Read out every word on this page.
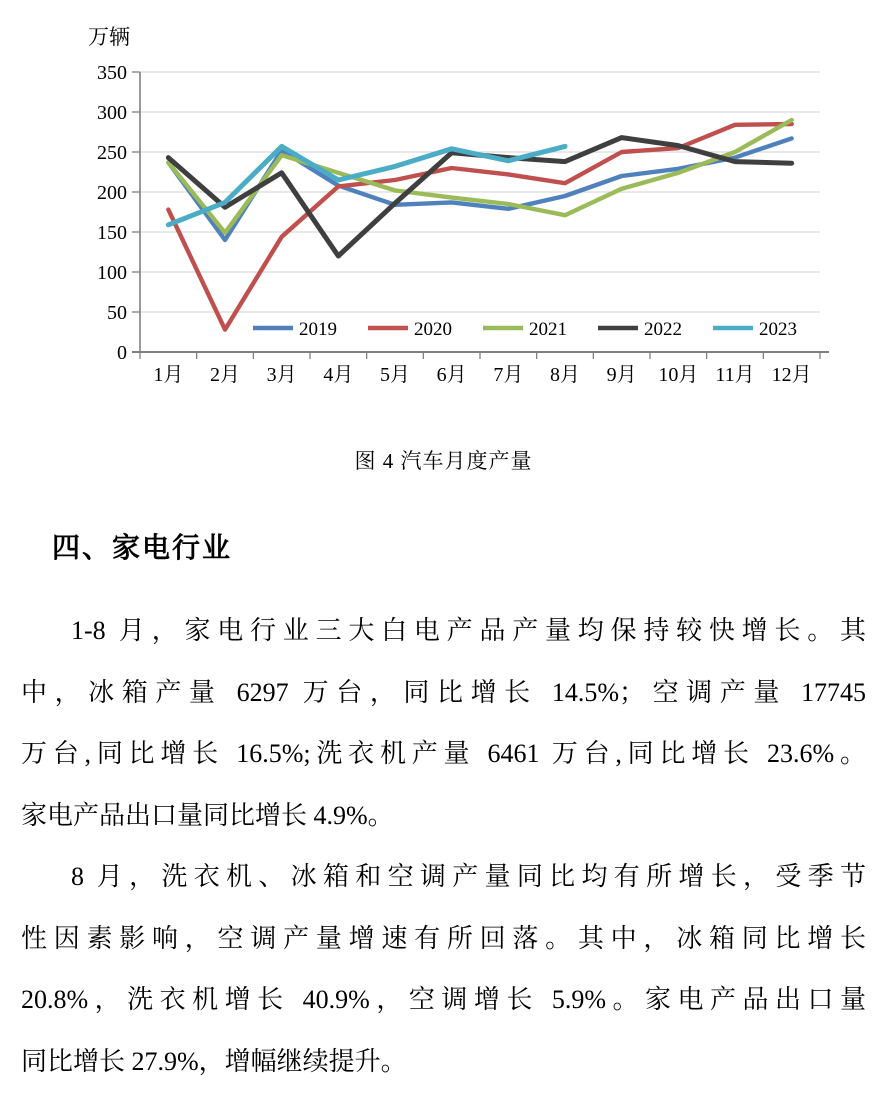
万辆
0
50
100
150
200
250
300
350
1月 2月 3月 4月 5月 6月 7月 8月 9月 10月 11月 12月
2019	2020	2021	2022	2023
图 4 汽车月度产量
四、家电行业
1-8 月，家电行业三大白电产品产量均保持较快增长。其
中，冰箱产量 6297 万台，同比增长 14.5%；空调产量 17745
万台,同比增长 16.5%;洗衣机产量 6461 万台,同比增长 23.6%。
家电产品出口量同比增长 4.9%。
8 月，洗衣机、冰箱和空调产量同比均有所增长，受季节
性因素影响，空调产量增速有所回落。其中，冰箱同比增长
20.8%，洗衣机增长 40.9%，空调增长 5.9%。家电产品出口量
同比增长 27.9%，增幅继续提升。
